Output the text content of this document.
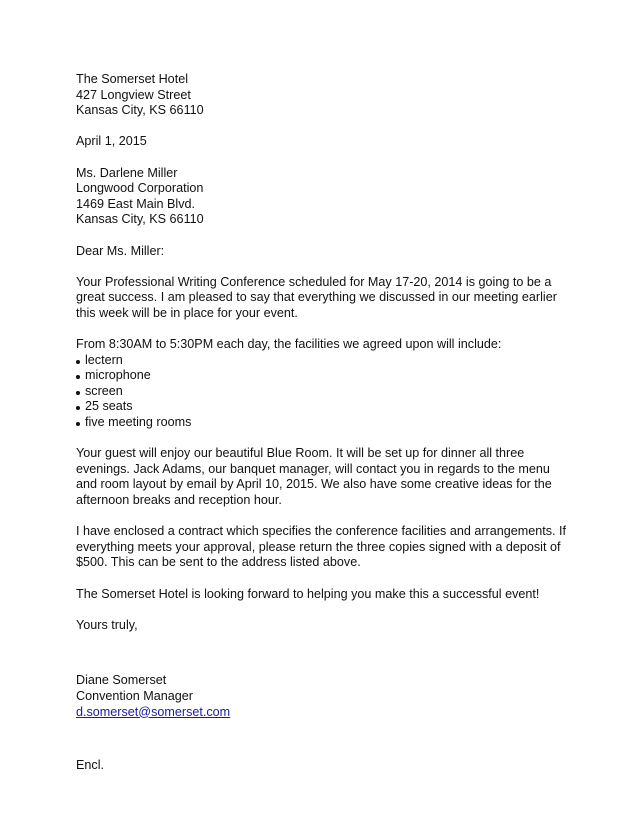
The Somerset Hotel
427 Longview Street
Kansas City, KS 66110
April 1, 2015
Ms. Darlene Miller
Longwood Corporation
1469 East Main Blvd.
Kansas City, KS 66110
Dear Ms. Miller:
Your Professional Writing Conference scheduled for May 17-20, 2014 is going to be a
great success. I am pleased to say that everything we discussed in our meeting earlier
this week will be in place for your event.
From 8:30AM to 5:30PM each day, the facilities we agreed upon will include:
lectern
microphone
screen
25 seats
five meeting rooms
Your guest will enjoy our beautiful Blue Room. It will be set up for dinner all three
evenings. Jack Adams, our banquet manager, will contact you in regards to the menu
and room layout by email by April 10, 2015. We also have some creative ideas for the
afternoon breaks and reception hour.
I have enclosed a contract which specifies the conference facilities and arrangements. If
everything meets your approval, please return the three copies signed with a deposit of
$500. This can be sent to the address listed above.
The Somerset Hotel is looking forward to helping you make this a successful event!
Yours truly,
Diane Somerset
Convention Manager
d.somerset@somerset.com
Encl.
